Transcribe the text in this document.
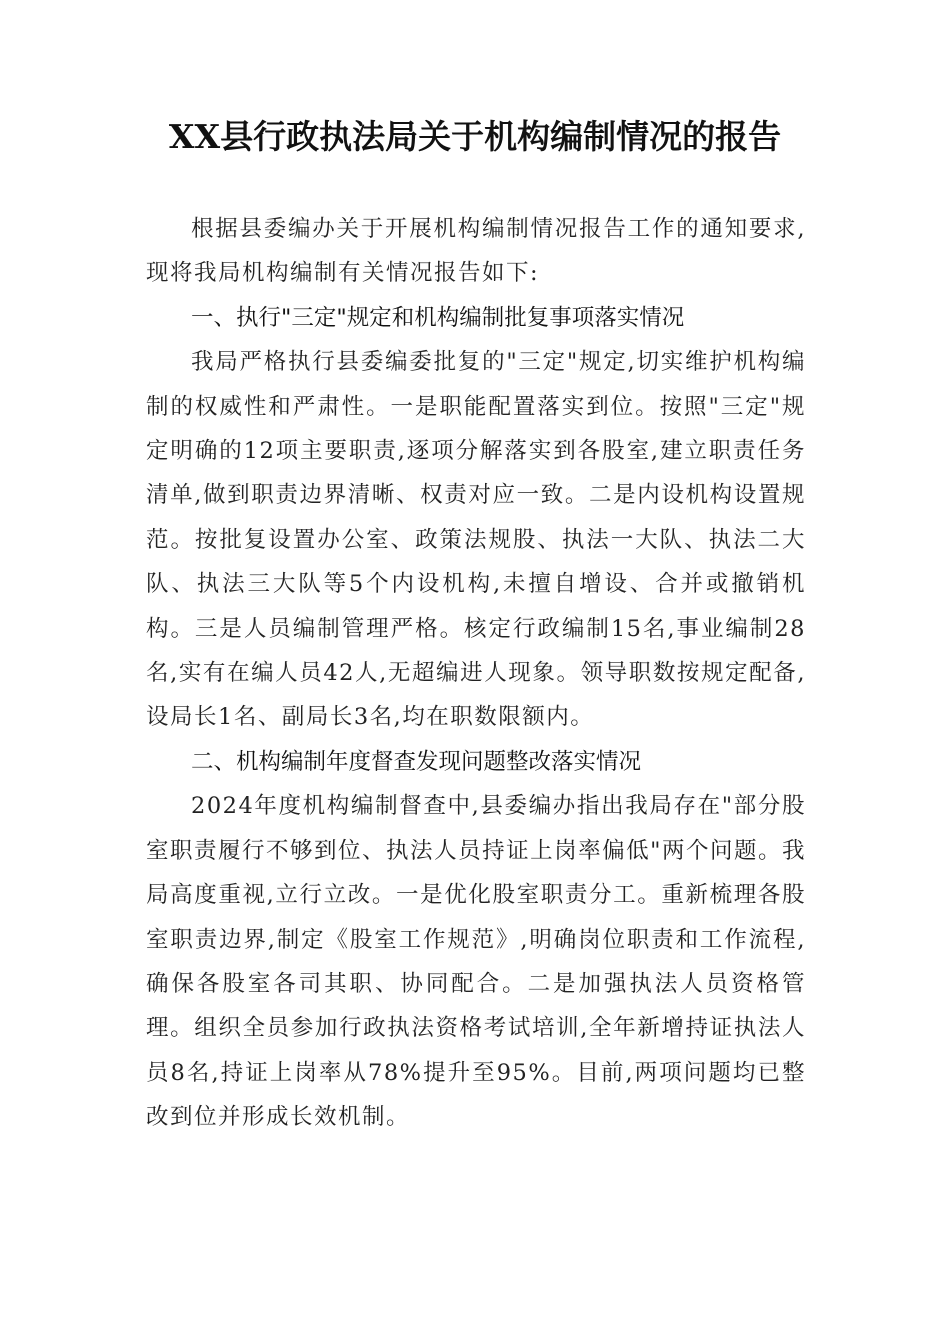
XX县行政执法局关于机构编制情况的报告

根据县委编办关于开展机构编制情况报告工作的通知要求,现将我局机构编制有关情况报告如下:

一、执行"三定"规定和机构编制批复事项落实情况

我局严格执行县委编委批复的"三定"规定,切实维护机构编制的权威性和严肃性。一是职能配置落实到位。按照"三定"规定明确的12项主要职责,逐项分解落实到各股室,建立职责任务清单,做到职责边界清晰、权责对应一致。二是内设机构设置规范。按批复设置办公室、政策法规股、执法一大队、执法二大队、执法三大队等5个内设机构,未擅自增设、合并或撤销机构。三是人员编制管理严格。核定行政编制15名,事业编制28名,实有在编人员42人,无超编进人现象。领导职数按规定配备,设局长1名、副局长3名,均在职数限额内。

二、机构编制年度督查发现问题整改落实情况

2024年度机构编制督查中,县委编办指出我局存在"部分股室职责履行不够到位、执法人员持证上岗率偏低"两个问题。我局高度重视,立行立改。一是优化股室职责分工。重新梳理各股室职责边界,制定《股室工作规范》,明确岗位职责和工作流程,确保各股室各司其职、协同配合。二是加强执法人员资格管理。组织全员参加行政执法资格考试培训,全年新增持证执法人员8名,持证上岗率从78%提升至95%。目前,两项问题均已整改到位并形成长效机制。
